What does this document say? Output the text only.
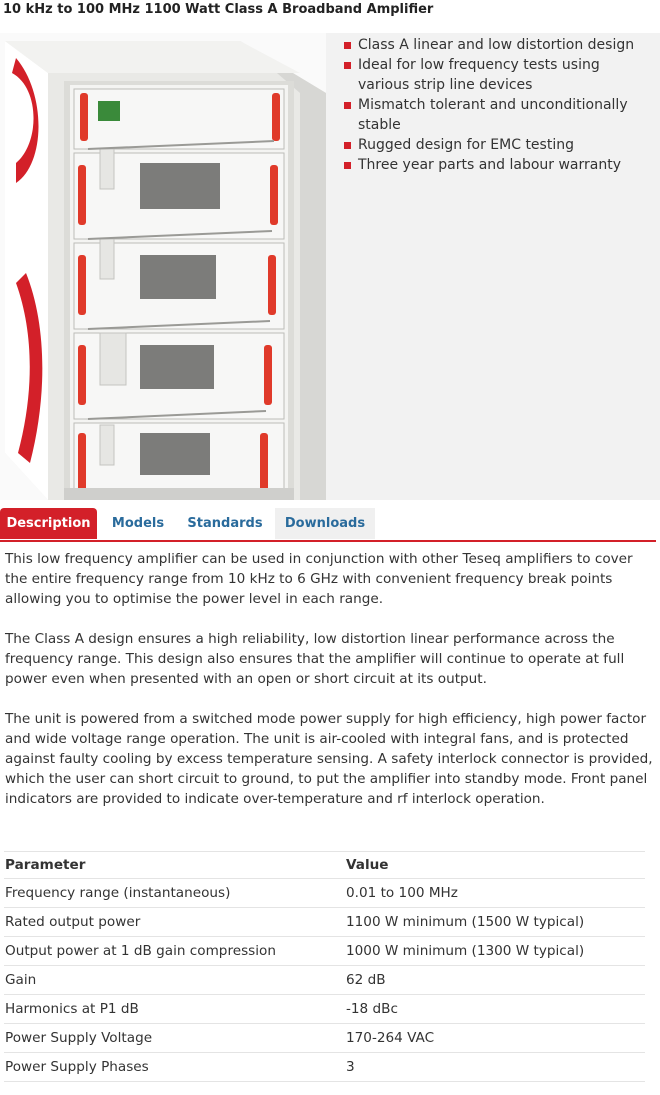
10 kHz to 100 MHz 1100 Watt Class A Broadband Amplifier
Class A linear and low distortion design
Ideal for low frequency tests using various strip line devices
Mismatch tolerant and unconditionally stable
Rugged design for EMC testing
Three year parts and labour warranty
Description	Models	Standards	Downloads

This low frequency amplifier can be used in conjunction with other Teseq amplifiers to cover the entire frequency range from 10 kHz to 6 GHz with convenient frequency break points allowing you to optimise the power level in each range.

The Class A design ensures a high reliability, low distortion linear performance across the frequency range. This design also ensures that the amplifier will continue to operate at full power even when presented with an open or short circuit at its output.

The unit is powered from a switched mode power supply for high efficiency, high power factor and wide voltage range operation. The unit is air-cooled with integral fans, and is protected against faulty cooling by excess temperature sensing. A safety interlock connector is provided, which the user can short circuit to ground, to put the amplifier into standby mode. Front panel indicators are provided to indicate over-temperature and rf interlock operation.

Parameter	Value
Frequency range (instantaneous)	0.01 to 100 MHz
Rated output power	1100 W minimum (1500 W typical)
Output power at 1 dB gain compression	1000 W minimum (1300 W typical)
Gain	62 dB
Harmonics at P1 dB	-18 dBc
Power Supply Voltage	170-264 VAC
Power Supply Phases	3
